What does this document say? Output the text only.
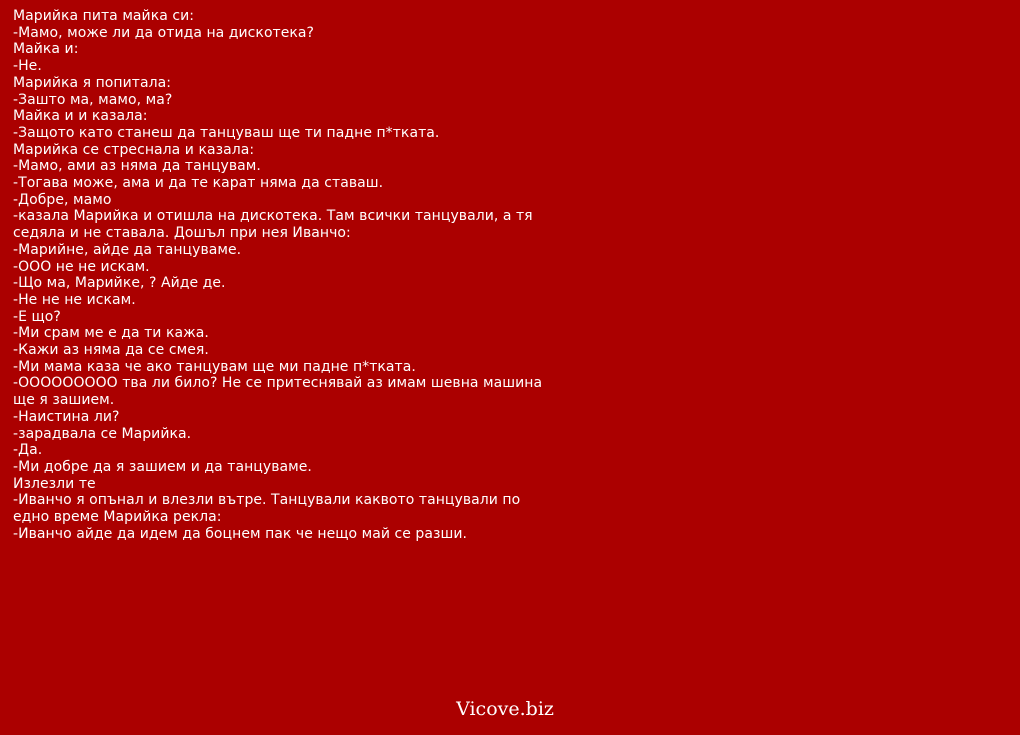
Марийка пита майка си:
-Мамо, може ли да отида на дискотека?
Майка и:
-Не.
Марийка я попитала:
-Зашто ма, мамо, ма?
Майка и и казала:
-Защото като станеш да танцуваш ще ти падне п*тката.
Марийка се стреснала и казала:
-Мамо, ами аз няма да танцувам.
-Тогава може, ама и да те карат няма да ставаш.
-Добре, мамо
-казала Марийка и отишла на дискотека. Там всички танцували, а тя
седяла и не ставала. Дошъл при нея Иванчо:
-Марийне, айде да танцуваме.
-ООО не не искам.
-Що ма, Марийке, ? Айде де.
-Не не не искам.
-Е що?
-Ми срам ме е да ти кажа.
-Кажи аз няма да се смея.
-Ми мама каза че ако танцувам ще ми падне п*тката.
-ООООООООО тва ли било? Не се притеснявай аз имам шевна машина
ще я зашием.
-Наистина ли?
-зарадвала се Марийка.
-Да.
-Ми добре да я зашием и да танцуваме.
Излезли те
-Иванчо я опънал и влезли вътре. Танцували каквото танцували по
едно време Марийка рекла:
-Иванчо айде да идем да боцнем пак че нещо май се разши.
Vicove.biz
